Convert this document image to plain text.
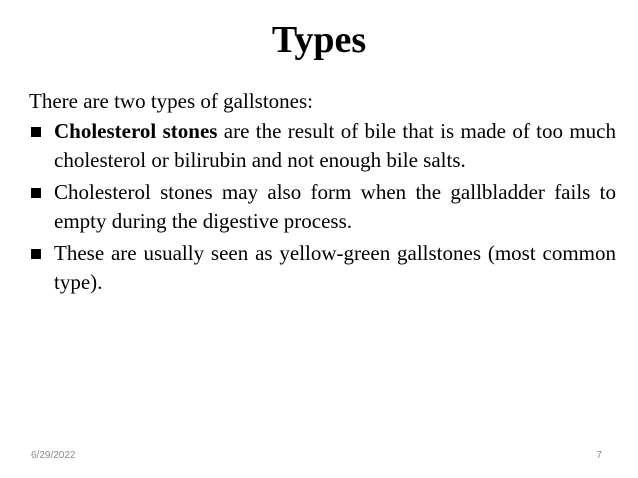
Types
There are two types of gallstones:
Cholesterol stones are the result of bile that is made of too much cholesterol or bilirubin and not enough bile salts.
Cholesterol stones may also form when the gallbladder fails to empty during the digestive process.
These are usually seen as yellow-green gallstones (most common type).
6/29/2022	7
